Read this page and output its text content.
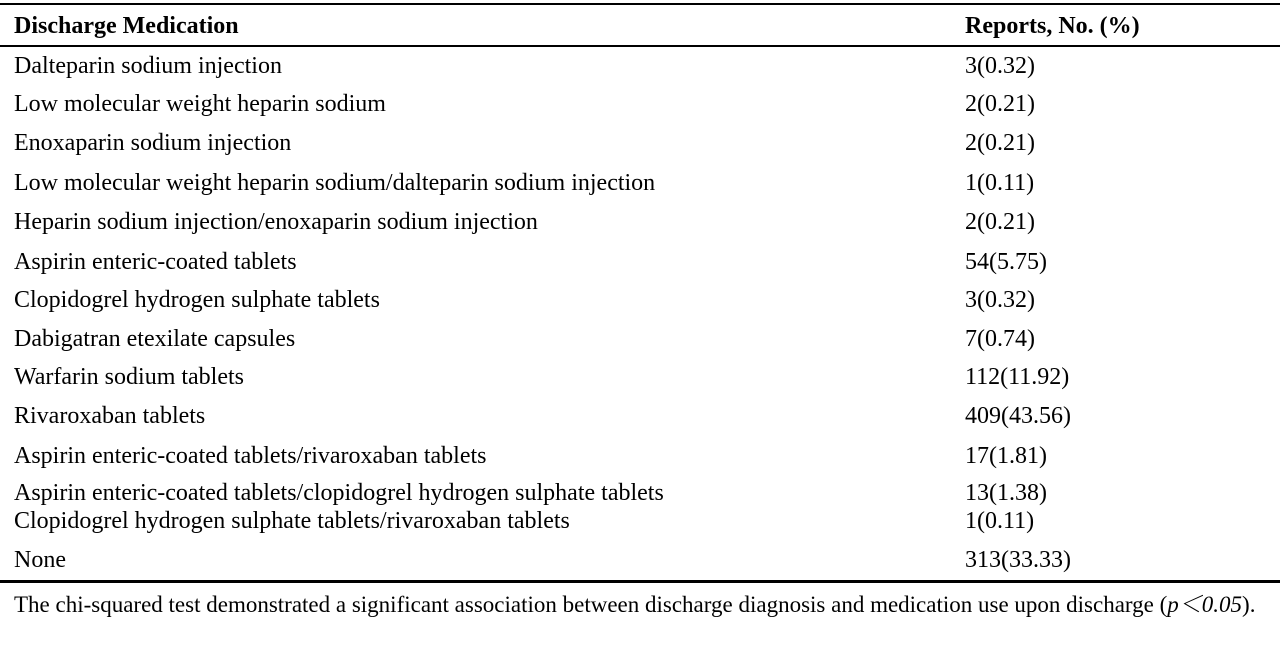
Discharge Medication	Reports, No. (%)
Dalteparin sodium injection	3(0.32)
Low molecular weight heparin sodium	2(0.21)
Enoxaparin sodium injection	2(0.21)
Low molecular weight heparin sodium/dalteparin sodium injection	1(0.11)
Heparin sodium injection/enoxaparin sodium injection	2(0.21)
Aspirin enteric-coated tablets	54(5.75)
Clopidogrel hydrogen sulphate tablets	3(0.32)
Dabigatran etexilate capsules	7(0.74)
Warfarin sodium tablets	112(11.92)
Rivaroxaban tablets	409(43.56)
Aspirin enteric-coated tablets/rivaroxaban tablets	17(1.81)
Aspirin enteric-coated tablets/clopidogrel hydrogen sulphate tablets	13(1.38)
Clopidogrel hydrogen sulphate tablets/rivaroxaban tablets	1(0.11)
None	313(33.33)
The chi-squared test demonstrated a significant association between discharge diagnosis and medication use upon discharge (p＜0.05).
